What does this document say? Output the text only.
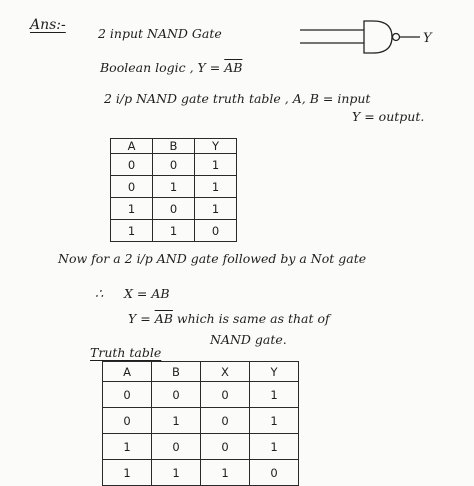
Ans:-
2 input NAND Gate	Y
Boolean logic , $Y = \overline{AB}$
2 i/p NAND gate truth table , A, B = input
Y = output.
A	B	Y
0	0	1
0	1	1
1	0	1
1	1	0
Now for a 2 i/p AND gate followed by a Not gate
∴ X = AB
$Y = \overline{AB}$ which is same as that of
NAND gate.
Truth table
A	B	X	Y
0	0	0	1
0	1	0	1
1	0	0	1
1	1	1	0
